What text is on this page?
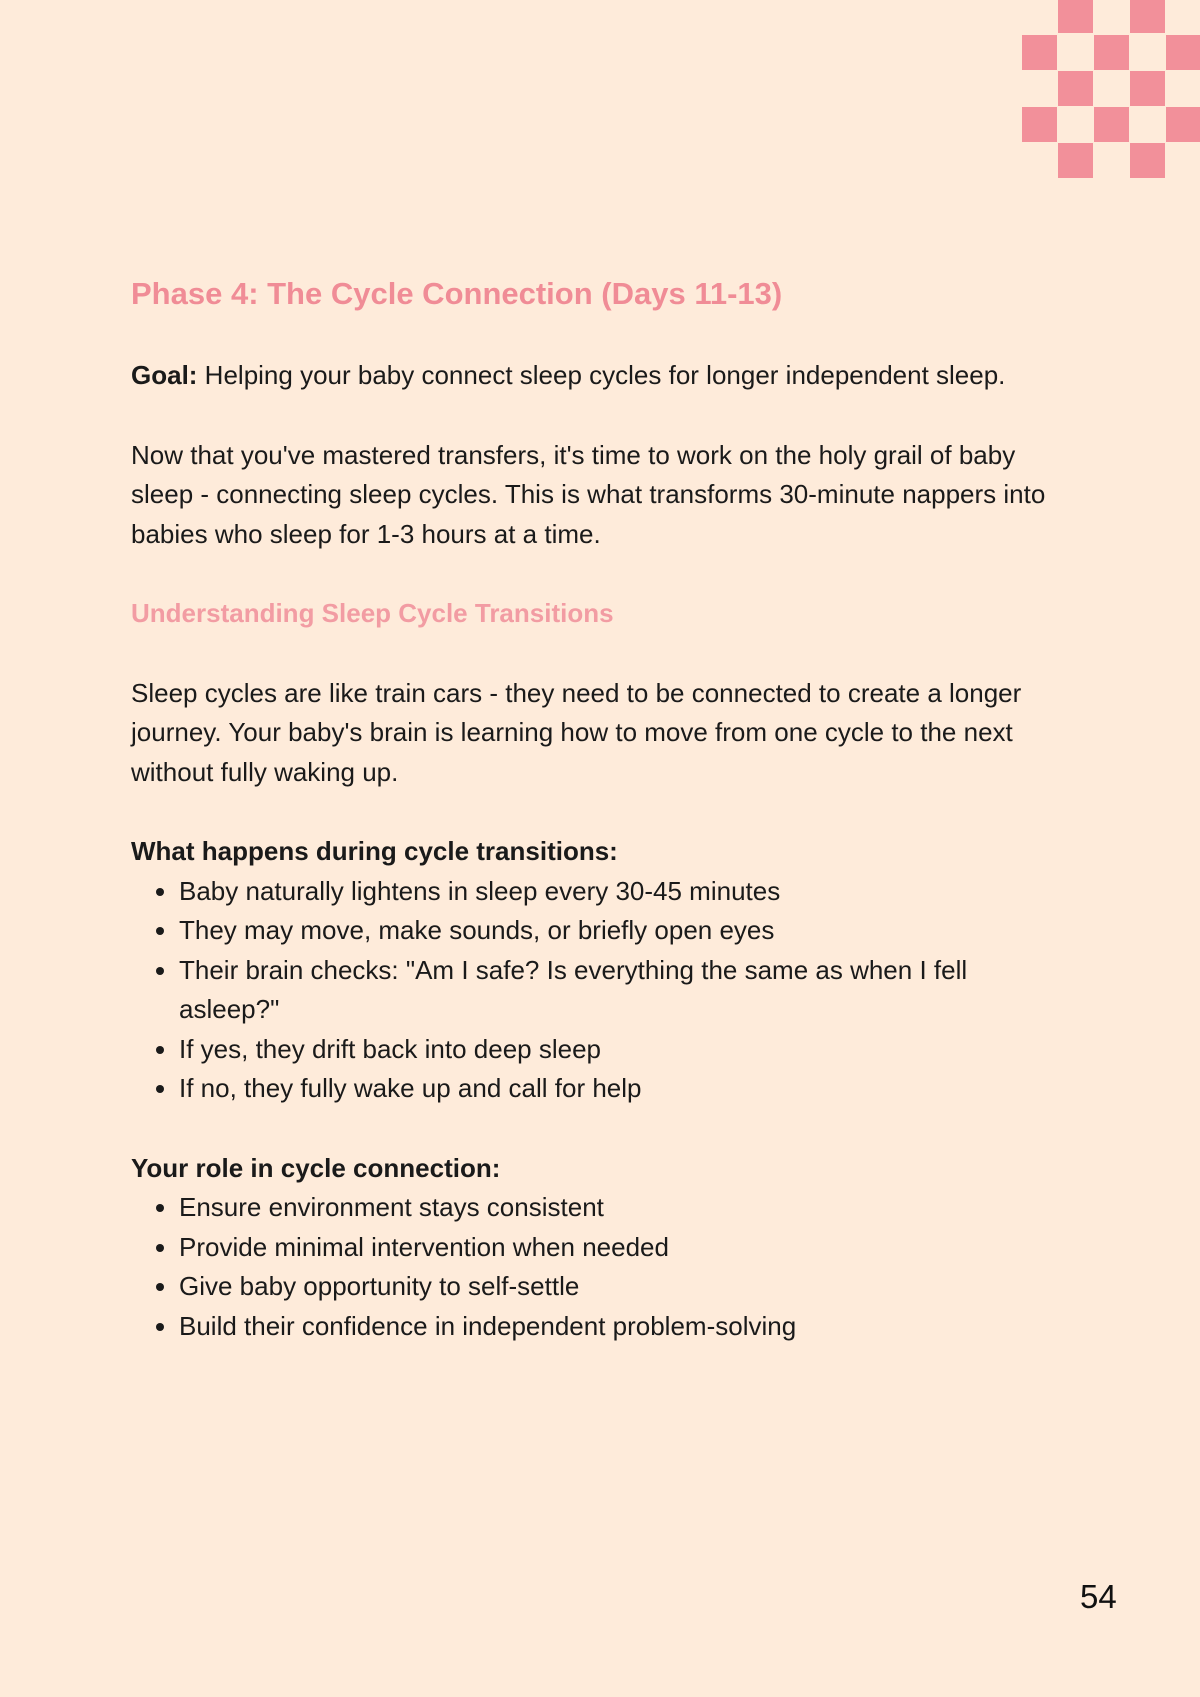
Phase 4: The Cycle Connection (Days 11-13)

Goal: Helping your baby connect sleep cycles for longer independent sleep.

Now that you've mastered transfers, it's time to work on the holy grail of baby sleep - connecting sleep cycles. This is what transforms 30-minute nappers into babies who sleep for 1-3 hours at a time.

Understanding Sleep Cycle Transitions

Sleep cycles are like train cars - they need to be connected to create a longer journey. Your baby's brain is learning how to move from one cycle to the next without fully waking up.

What happens during cycle transitions:

• Baby naturally lightens in sleep every 30-45 minutes
• They may move, make sounds, or briefly open eyes
• Their brain checks: "Am I safe? Is everything the same as when I fell asleep?"
• If yes, they drift back into deep sleep
• If no, they fully wake up and call for help

Your role in cycle connection:

• Ensure environment stays consistent
• Provide minimal intervention when needed
• Give baby opportunity to self-settle
• Build their confidence in independent problem-solving
54
